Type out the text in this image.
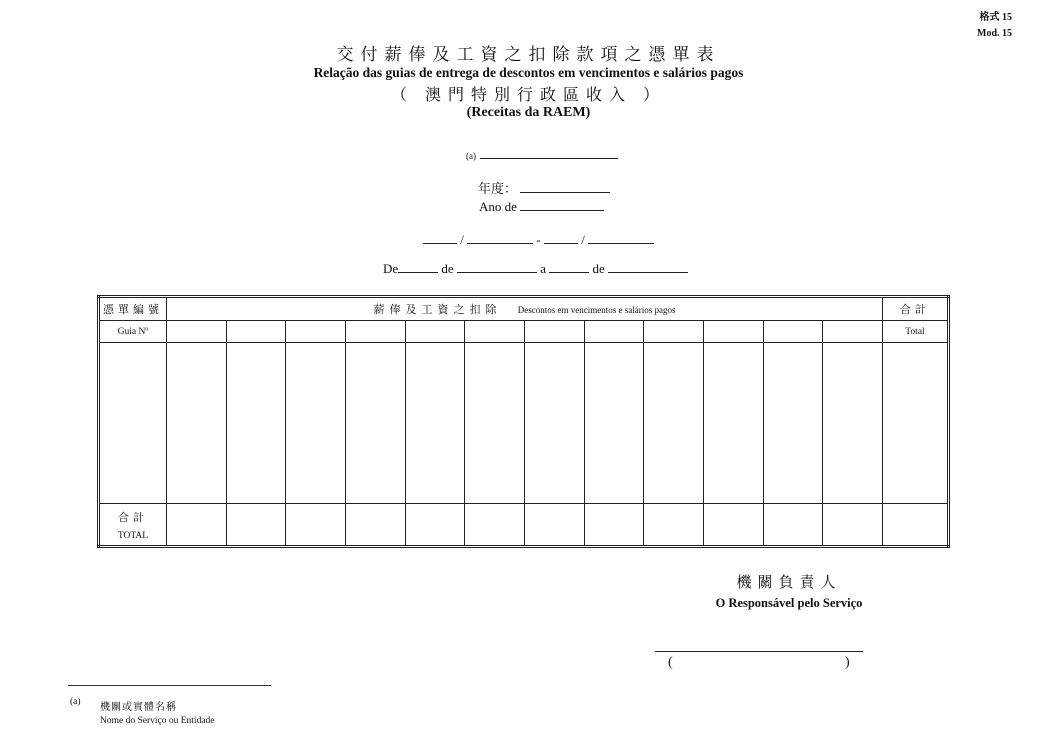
格式 15
Mod. 15
交付薪俸及工資之扣除款項之憑單表
Relação das guias de entrega de descontos em vencimentos e salários pagos
（ 澳門特別行政區收入 ）
(Receitas da RAEM)
(a)
年度：
Ano de
/	-	/
De	de	a	de
憑單編號	薪俸及工資之扣除 Descontos em vencimentos e salários pagos												合計
Guia Nº													Total

合計
TOTAL													

機關負責人
O Responsável pelo Serviço
(	)
(a) 機關或實體名稱
Nome do Serviço ou Entidade
